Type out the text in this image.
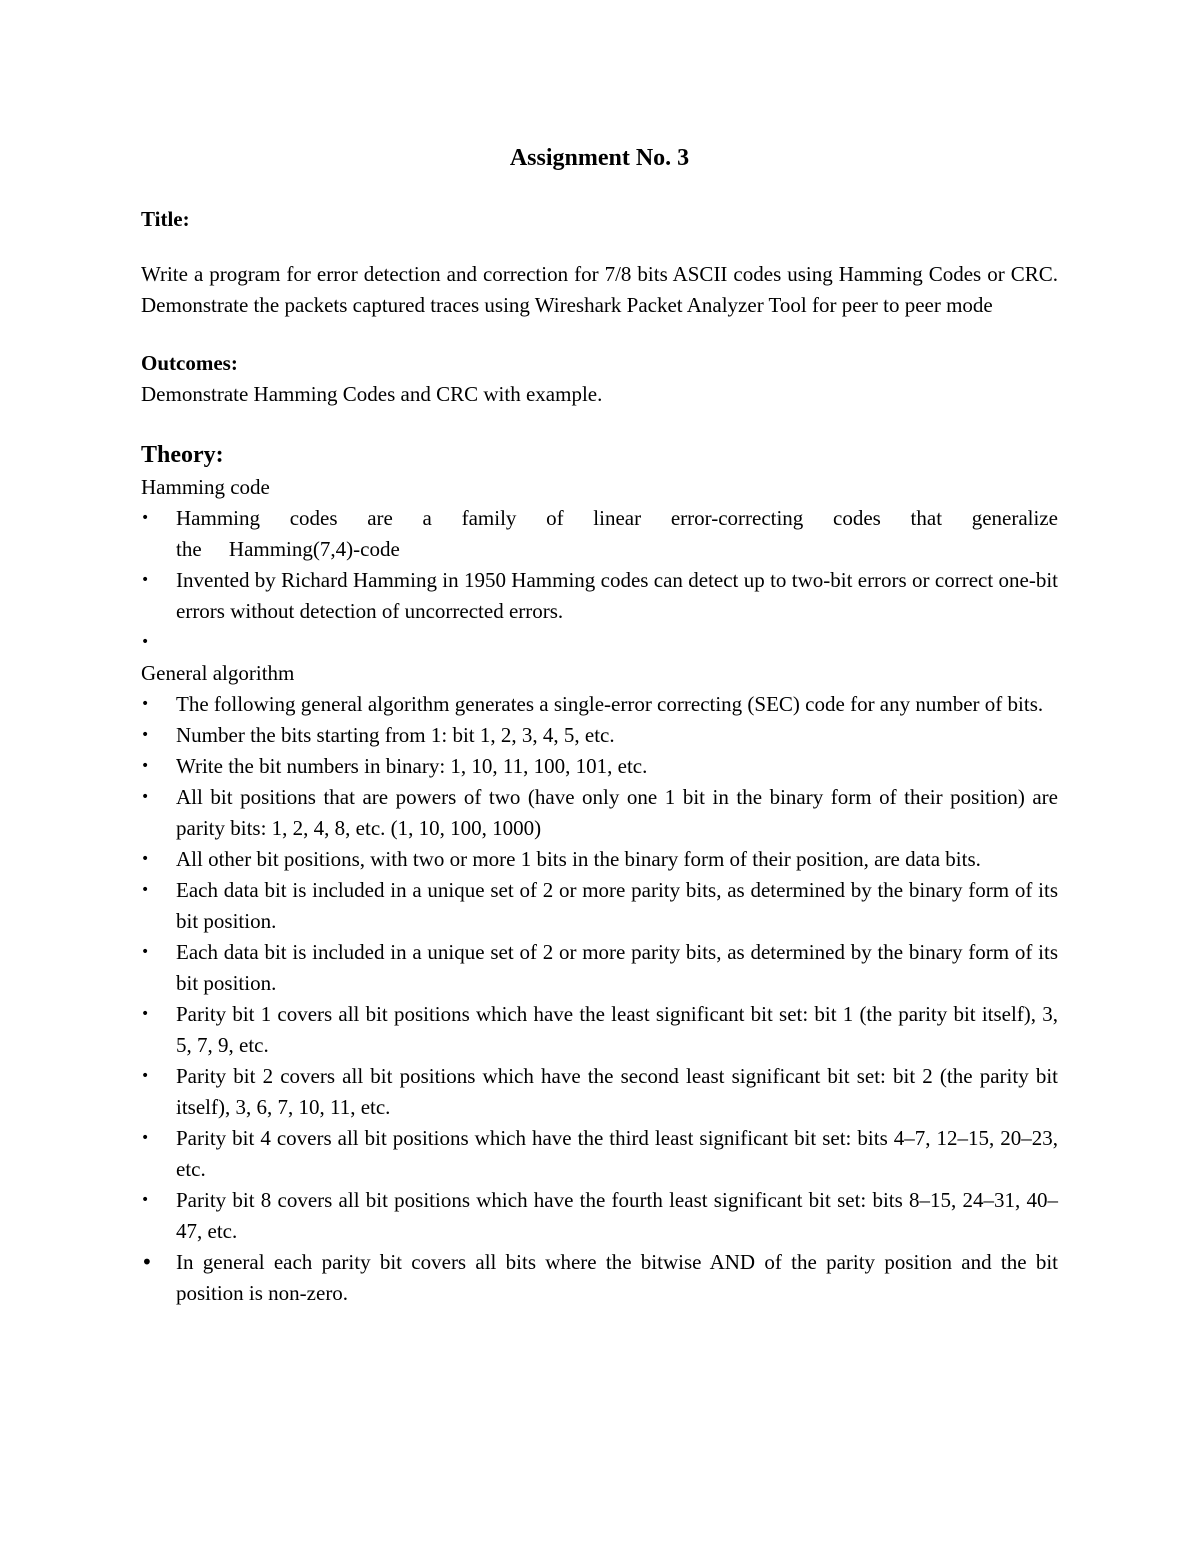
Assignment No. 3

Title:

Write a program for error detection and correction for 7/8 bits ASCII codes using Hamming Codes or CRC. Demonstrate the packets captured traces using Wireshark Packet Analyzer Tool for peer to peer mode

Outcomes:

Demonstrate Hamming Codes and CRC with example.

Theory:

Hamming code

•	Hamming codes are a family of linear error-correcting codes that generalize the Hamming(7,4)-code
•	Invented by Richard Hamming in 1950 Hamming codes can detect up to two-bit errors or correct one-bit errors without detection of uncorrected errors.
•

General algorithm

•	The following general algorithm generates a single-error correcting (SEC) code for any number of bits.
•	Number the bits starting from 1: bit 1, 2, 3, 4, 5, etc.
•	Write the bit numbers in binary: 1, 10, 11, 100, 101, etc.
•	All bit positions that are powers of two (have only one 1 bit in the binary form of their position) are parity bits: 1, 2, 4, 8, etc. (1, 10, 100, 1000)
•	All other bit positions, with two or more 1 bits in the binary form of their position, are data bits.
•	Each data bit is included in a unique set of 2 or more parity bits, as determined by the binary form of its bit position.
•	Each data bit is included in a unique set of 2 or more parity bits, as determined by the binary form of its bit position.
•	Parity bit 1 covers all bit positions which have the least significant bit set: bit 1 (the parity bit itself), 3, 5, 7, 9, etc.
•	Parity bit 2 covers all bit positions which have the second least significant bit set: bit 2 (the parity bit itself), 3, 6, 7, 10, 11, etc.
•	Parity bit 4 covers all bit positions which have the third least significant bit set: bits 4–7, 12–15, 20–23, etc.
•	Parity bit 8 covers all bit positions which have the fourth least significant bit set: bits 8–15, 24–31, 40–47, etc.
•	In general each parity bit covers all bits where the bitwise AND of the parity position and the bit position is non-zero.
